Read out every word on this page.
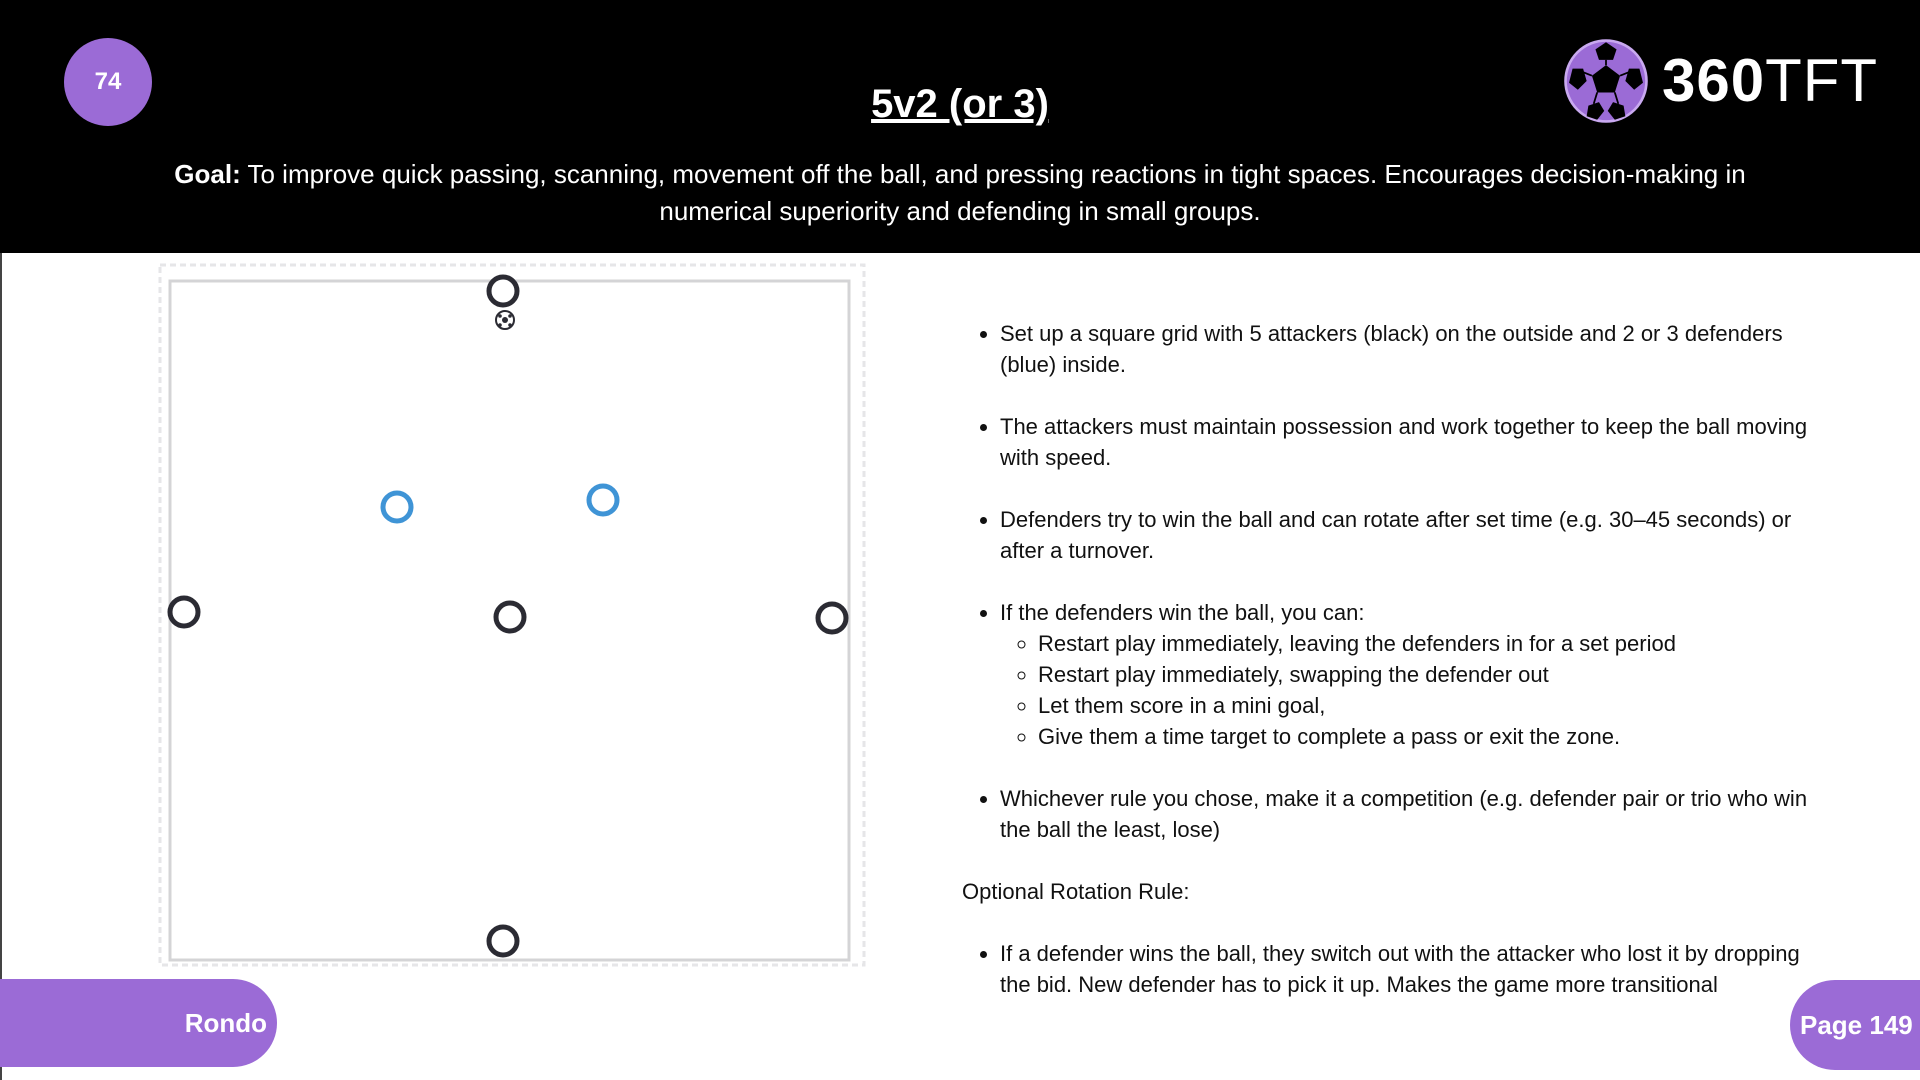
74
5v2 (or 3)
Goal: To improve quick passing, scanning, movement off the ball, and pressing reactions in tight spaces. Encourages decision-making in numerical superiority and defending in small groups.
360TFT
• Set up a square grid with 5 attackers (black) on the outside and 2 or 3 defenders (blue) inside.
• The attackers must maintain possession and work together to keep the ball moving with speed.
• Defenders try to win the ball and can rotate after set time (e.g. 30–45 seconds) or after a turnover.
• If the defenders win the ball, you can:
◦ Restart play immediately, leaving the defenders in for a set period
◦ Restart play immediately, swapping the defender out
◦ Let them score in a mini goal,
◦ Give them a time target to complete a pass or exit the zone.
• Whichever rule you chose, make it a competition (e.g. defender pair or trio who win the ball the least, lose)

Optional Rotation Rule:

• If a defender wins the ball, they switch out with the attacker who lost it by dropping the bid. New defender has to pick it up. Makes the game more transitional
Rondo	Page 149
